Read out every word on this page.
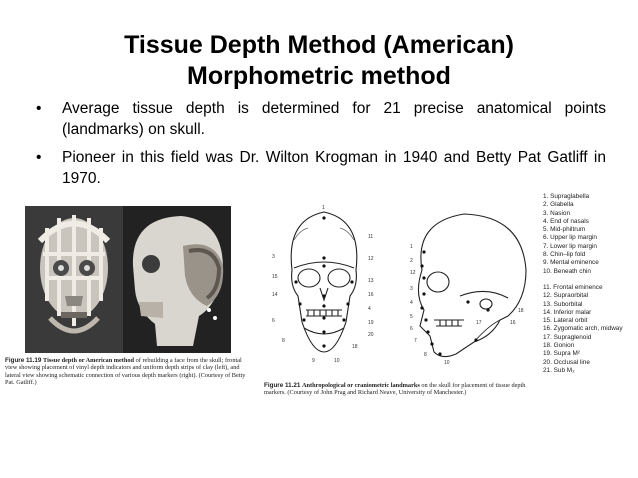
Tissue Depth Method (American)
Morphometric method
• Average tissue depth is determined for 21 precise anatomical points (landmarks) on skull.
• Pioneer in this field was Dr. Wilton Krogman in 1940 and Betty Pat Gatliff in 1970.
Figure 11.19 Tissue depth or American method of rebuilding a face from the skull; frontal view showing placement of vinyl depth indicators and uniform depth strips of clay (left), and lateral view showing schematic connection of various depth markers (right). (Courtesy of Betty Pat. Gatliff.)
1
11
3	12
15
13
14	16
4
6	19
20
8
9	10
18
1
2
12
3
4
5
6
7
8
10
18
16
17
Figure 11.21 Anthropological or craniometric landmarks on the skull for placement of tissue depth markers. (Courtesy of John Prag and Richard Neave, University of Manchester.)
1. Supraglabella
2. Glabella
3. Nasion
4. End of nasals
5. Mid-philtrum
6. Upper lip margin
7. Lower lip margin
8. Chin–lip fold
9. Mental eminence
10. Beneath chin
11. Frontal eminence
12. Supraorbital
13. Suborbital
14. Inferior malar
15. Lateral orbit
16. Zygomatic arch, midway
17. Supraglenoid
18. Gonion
19. Supra M²
20. Occlusal line
21. Sub M₂
